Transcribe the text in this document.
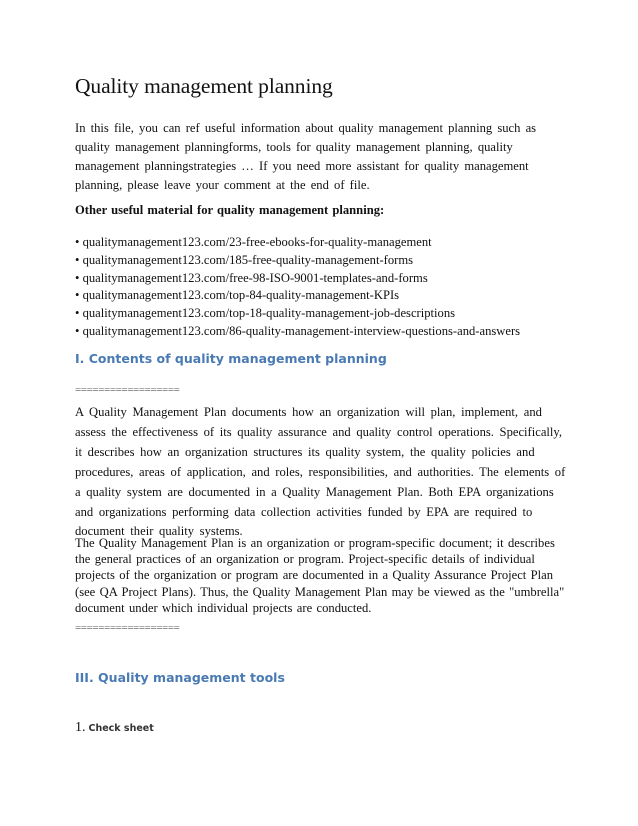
Quality management planning

In this file, you can ref useful information about quality management planning such as quality management planningforms, tools for quality management planning, quality management planningstrategies … If you need more assistant for quality management planning, please leave your comment at the end of file.

Other useful material for quality management planning:

• qualitymanagement123.com/23-free-ebooks-for-quality-management
• qualitymanagement123.com/185-free-quality-management-forms
• qualitymanagement123.com/free-98-ISO-9001-templates-and-forms
• qualitymanagement123.com/top-84-quality-management-KPIs
• qualitymanagement123.com/top-18-quality-management-job-descriptions
• qualitymanagement123.com/86-quality-management-interview-questions-and-answers
I. Contents of quality management planning

==================

A Quality Management Plan documents how an organization will plan, implement, and assess the effectiveness of its quality assurance and quality control operations. Specifically, it describes how an organization structures its quality system, the quality policies and procedures, areas of application, and roles, responsibilities, and authorities. The elements of a quality system are documented in a Quality Management Plan. Both EPA organizations and organizations performing data collection activities funded by EPA are required to document their quality systems.

The Quality Management Plan is an organization or program-specific document; it describes the general practices of an organization or program. Project-specific details of individual projects of the organization or program are documented in a Quality Assurance Project Plan (see QA Project Plans). Thus, the Quality Management Plan may be viewed as the "umbrella" document under which individual projects are conducted.

==================

III. Quality management tools

1. Check sheet
